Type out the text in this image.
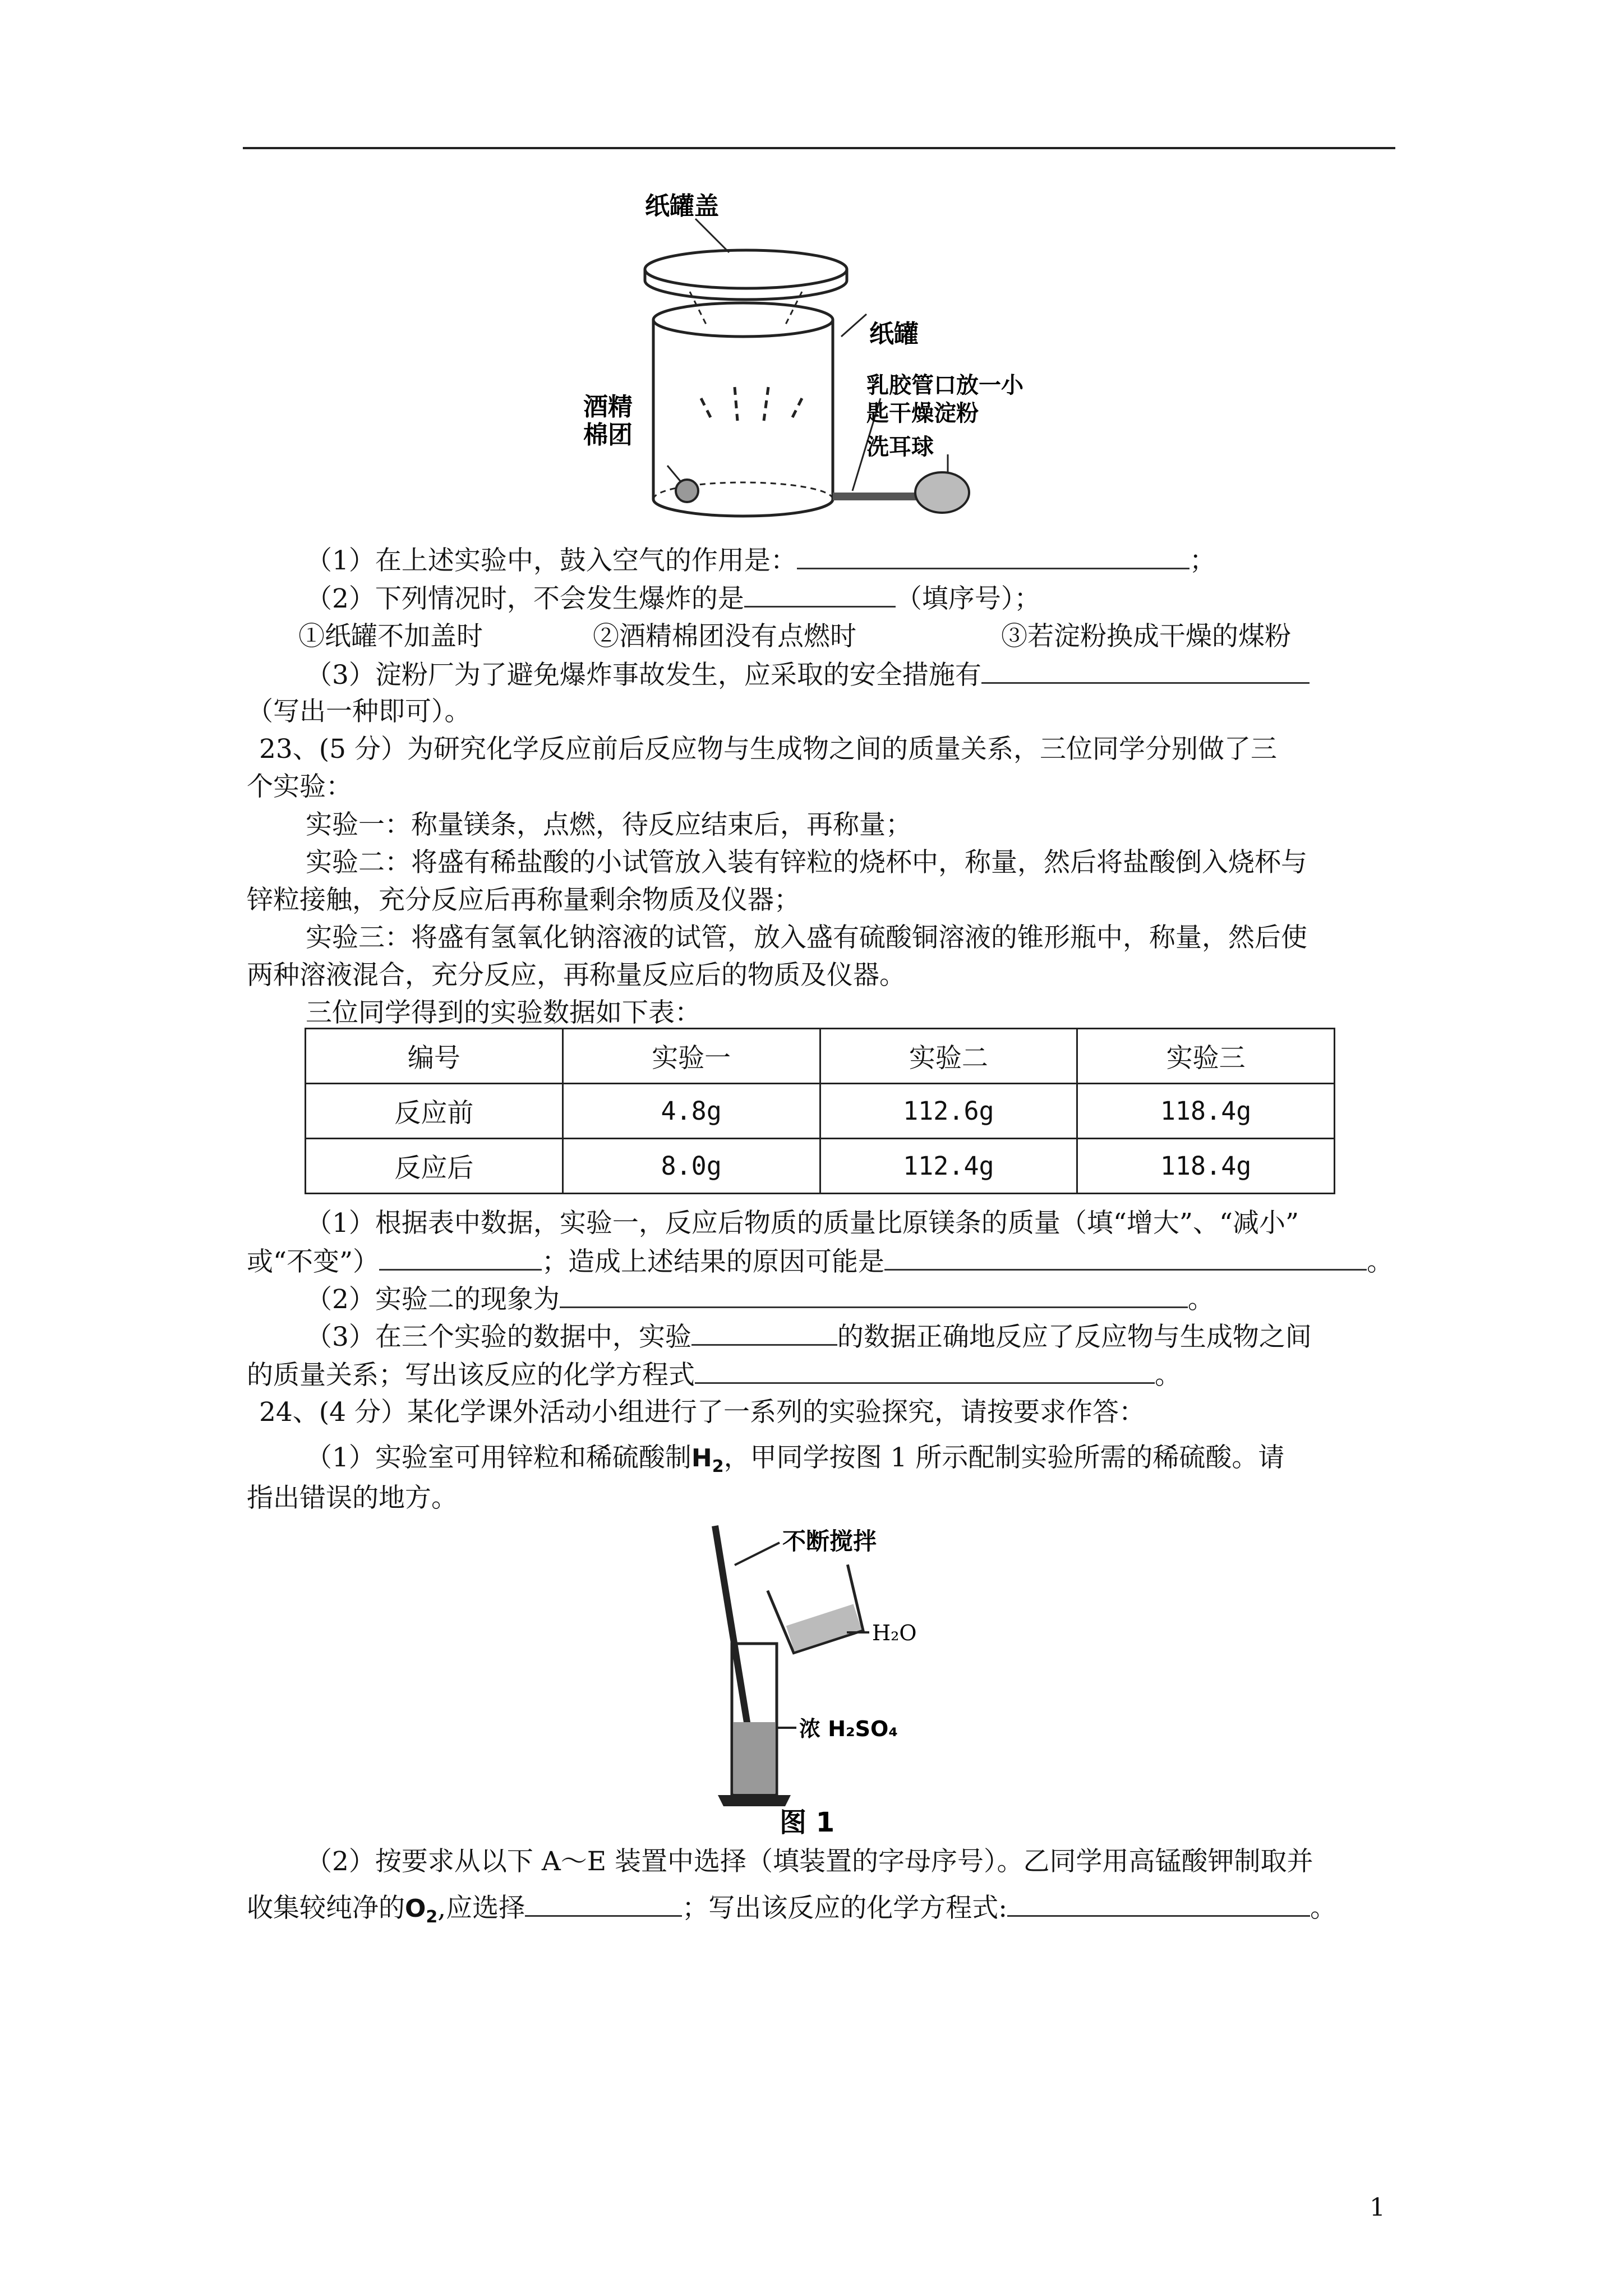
纸罐盖
纸罐
酒精
棉团
乳胶管口放一小
匙干燥淀粉
洗耳球
（1）在上述实验中，鼓入空气的作用是：	；
（2）下列情况时，不会发生爆炸的是	（填序号）；
①纸罐不加盖时	②酒精棉团没有点燃时	③若淀粉换成干燥的煤粉
（3）淀粉厂为了避免爆炸事故发生，应采取的安全措施有
（写出一种即可）。
23、(5 分）为研究化学反应前后反应物与生成物之间的质量关系，三位同学分别做了三
个实验：
实验一：称量镁条，点燃，待反应结束后，再称量；
实验二：将盛有稀盐酸的小试管放入装有锌粒的烧杯中，称量，然后将盐酸倒入烧杯与
锌粒接触，充分反应后再称量剩余物质及仪器；
实验三：将盛有氢氧化钠溶液的试管，放入盛有硫酸铜溶液的锥形瓶中，称量，然后使
两种溶液混合，充分反应，再称量反应后的物质及仪器。
三位同学得到的实验数据如下表：
编号	实验一	实验二	实验三
反应前	4.8g	112.6g	118.4g
反应后	8.0g	112.4g	118.4g
（1）根据表中数据，实验一，反应后物质的质量比原镁条的质量（填“增大”、“减小”
或“不变”）	；造成上述结果的原因可能是	。
（2）实验二的现象为	。
（3）在三个实验的数据中，实验	的数据正确地反应了反应物与生成物之间
的质量关系；写出该反应的化学方程式	。
24、(4 分）某化学课外活动小组进行了一系列的实验探究，请按要求作答：
（1）实验室可用锌粒和稀硫酸制$H_2$，甲同学按图 1 所示配制实验所需的稀硫酸。请
指出错误的地方。
不断搅拌
H₂O
浓 H₂SO₄
图 1
（2）按要求从以下 A～E 装置中选择（填装置的字母序号）。乙同学用高锰酸钾制取并
收集较纯净的$O_2$,应选择	；写出该反应的化学方程式:	。
1
